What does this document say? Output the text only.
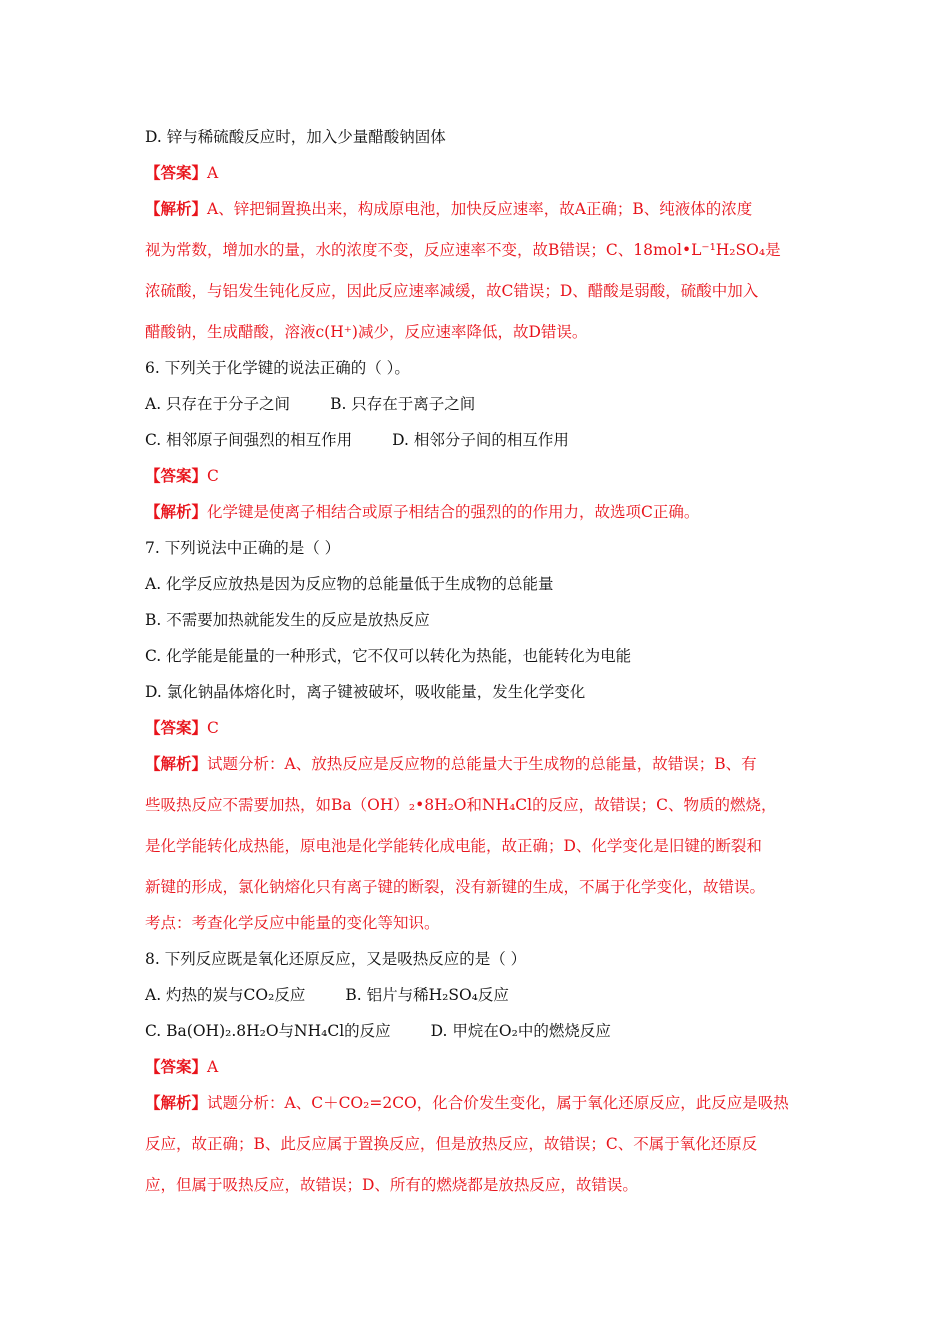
D. 锌与稀硫酸反应时，加入少量醋酸钠固体
【答案】A
【解析】A、锌把铜置换出来，构成原电池，加快反应速率，故A正确；B、纯液体的浓度
视为常数，增加水的量，水的浓度不变，反应速率不变，故B错误；C、18mol•L⁻¹H₂SO₄是
浓硫酸，与铝发生钝化反应，因此反应速率减缓，故C错误；D、醋酸是弱酸，硫酸中加入
醋酸钠，生成醋酸，溶液c(H⁺)减少，反应速率降低，故D错误。
6. 下列关于化学键的说法正确的（ ）。
A. 只存在于分子之间	B. 只存在于离子之间
C. 相邻原子间强烈的相互作用	D. 相邻分子间的相互作用
【答案】C
【解析】化学键是使离子相结合或原子相结合的强烈的的作用力，故选项C正确。
7. 下列说法中正确的是（ ）
A. 化学反应放热是因为反应物的总能量低于生成物的总能量
B. 不需要加热就能发生的反应是放热反应
C. 化学能是能量的一种形式，它不仅可以转化为热能，也能转化为电能
D. 氯化钠晶体熔化时，离子键被破坏，吸收能量，发生化学变化
【答案】C
【解析】试题分析：A、放热反应是反应物的总能量大于生成物的总能量，故错误；B、有
些吸热反应不需要加热，如Ba（OH）₂•8H₂O和NH₄Cl的反应，故错误；C、物质的燃烧，
是化学能转化成热能，原电池是化学能转化成电能，故正确；D、化学变化是旧键的断裂和
新键的形成，氯化钠熔化只有离子键的断裂，没有新键的生成，不属于化学变化，故错误。
考点：考查化学反应中能量的变化等知识。
8. 下列反应既是氧化还原反应，又是吸热反应的是（ ）
A. 灼热的炭与CO₂反应	B. 铝片与稀H₂SO₄反应
C. Ba(OH)₂.8H₂O与NH₄Cl的反应	D. 甲烷在O₂中的燃烧反应
【答案】A
【解析】试题分析：A、C＋CO₂=2CO，化合价发生变化，属于氧化还原反应，此反应是吸热
反应，故正确；B、此反应属于置换反应，但是放热反应，故错误；C、不属于氧化还原反
应，但属于吸热反应，故错误；D、所有的燃烧都是放热反应，故错误。
